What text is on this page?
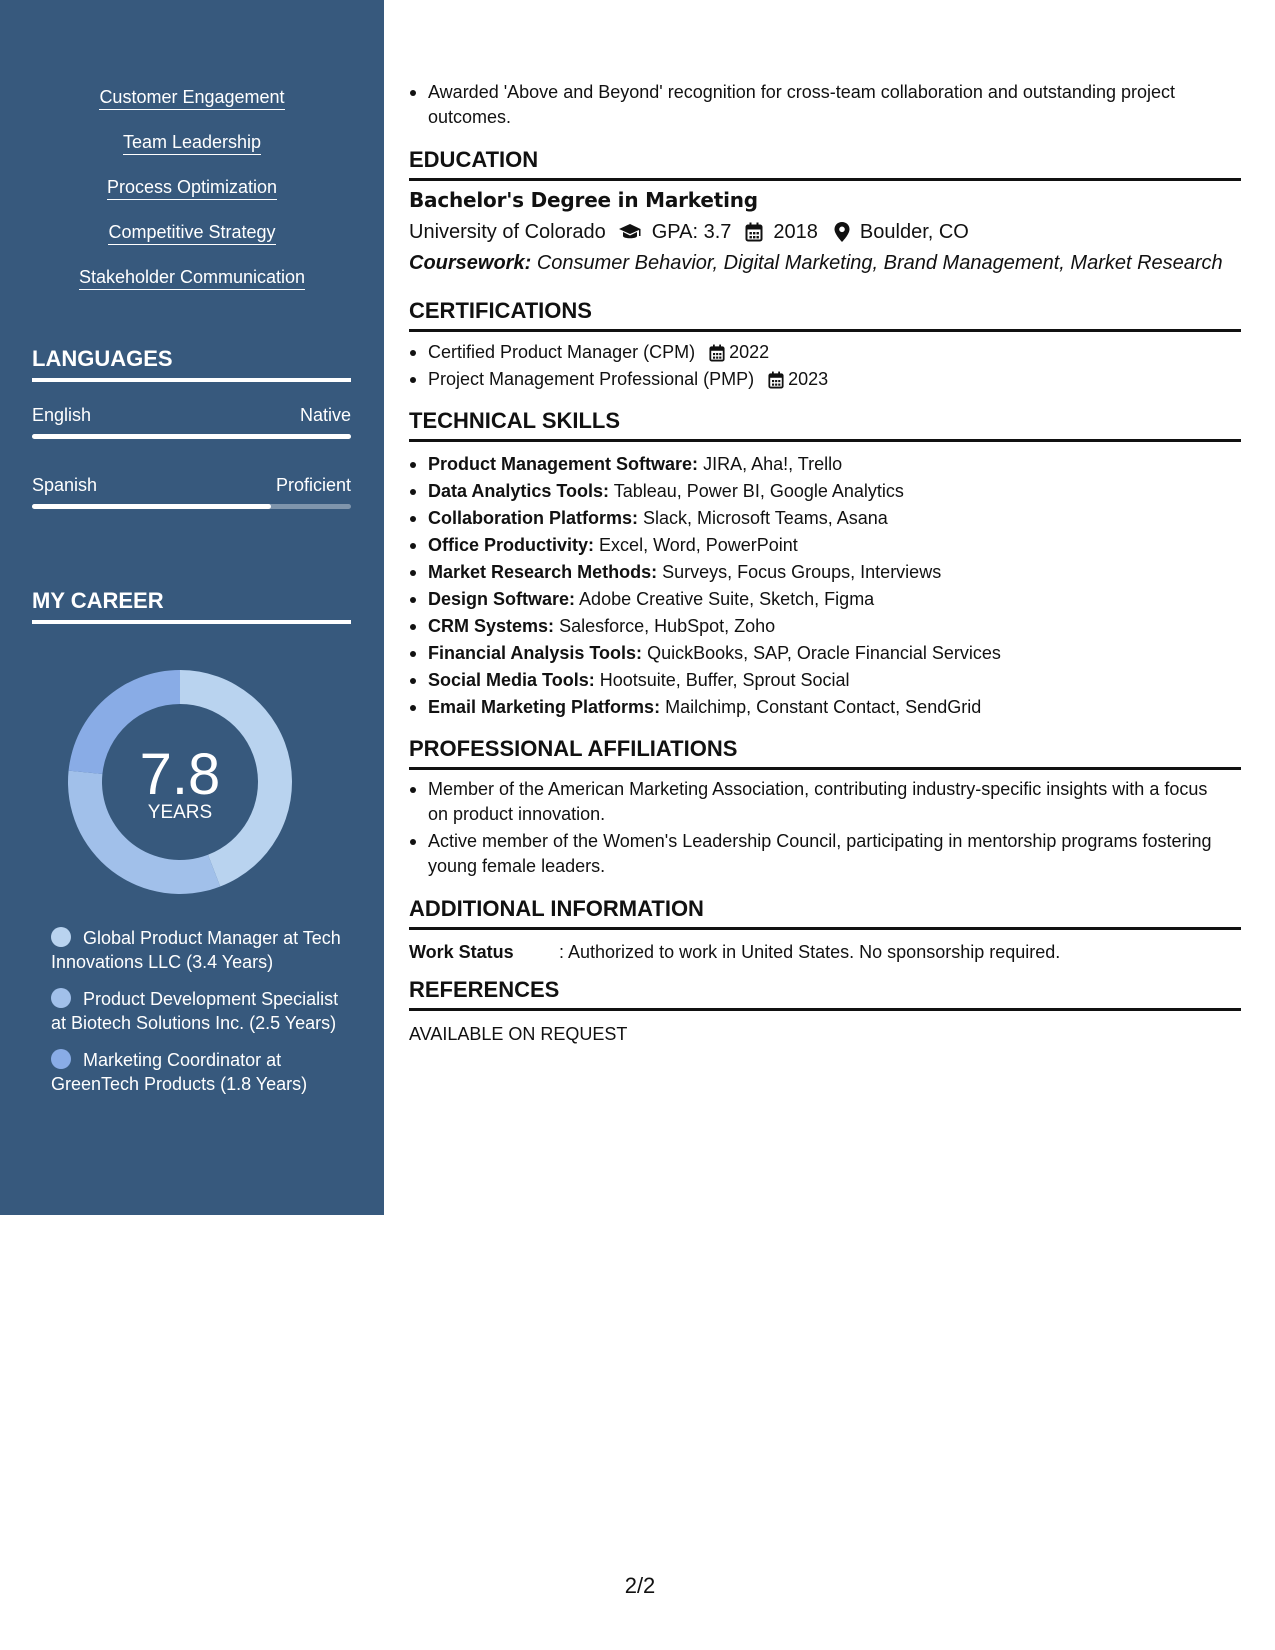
Customer Engagement
Team Leadership
Process Optimization
Competitive Strategy
Stakeholder Communication
LANGUAGES
English	Native
Spanish	Proficient
MY CAREER
7.8
YEARS
Global Product Manager at Tech Innovations LLC (3.4 Years)
Product Development Specialist at Biotech Solutions Inc. (2.5 Years)
Marketing Coordinator at GreenTech Products (1.8 Years)
Awarded 'Above and Beyond' recognition for cross-team collaboration and outstanding project outcomes.
EDUCATION
Bachelor's Degree in Marketing
University of Colorado GPA: 3.7 2018 Boulder, CO
Coursework: Consumer Behavior, Digital Marketing, Brand Management, Market Research
CERTIFICATIONS
Certified Product Manager (CPM) 2022
Project Management Professional (PMP) 2023
TECHNICAL SKILLS
Product Management Software: JIRA, Aha!, Trello
Data Analytics Tools: Tableau, Power BI, Google Analytics
Collaboration Platforms: Slack, Microsoft Teams, Asana
Office Productivity: Excel, Word, PowerPoint
Market Research Methods: Surveys, Focus Groups, Interviews
Design Software: Adobe Creative Suite, Sketch, Figma
CRM Systems: Salesforce, HubSpot, Zoho
Financial Analysis Tools: QuickBooks, SAP, Oracle Financial Services
Social Media Tools: Hootsuite, Buffer, Sprout Social
Email Marketing Platforms: Mailchimp, Constant Contact, SendGrid
PROFESSIONAL AFFILIATIONS
Member of the American Marketing Association, contributing industry-specific insights with a focus on product innovation.
Active member of the Women's Leadership Council, participating in mentorship programs fostering young female leaders.
ADDITIONAL INFORMATION
Work Status	: Authorized to work in United States. No sponsorship required.
REFERENCES
AVAILABLE ON REQUEST
2/2
